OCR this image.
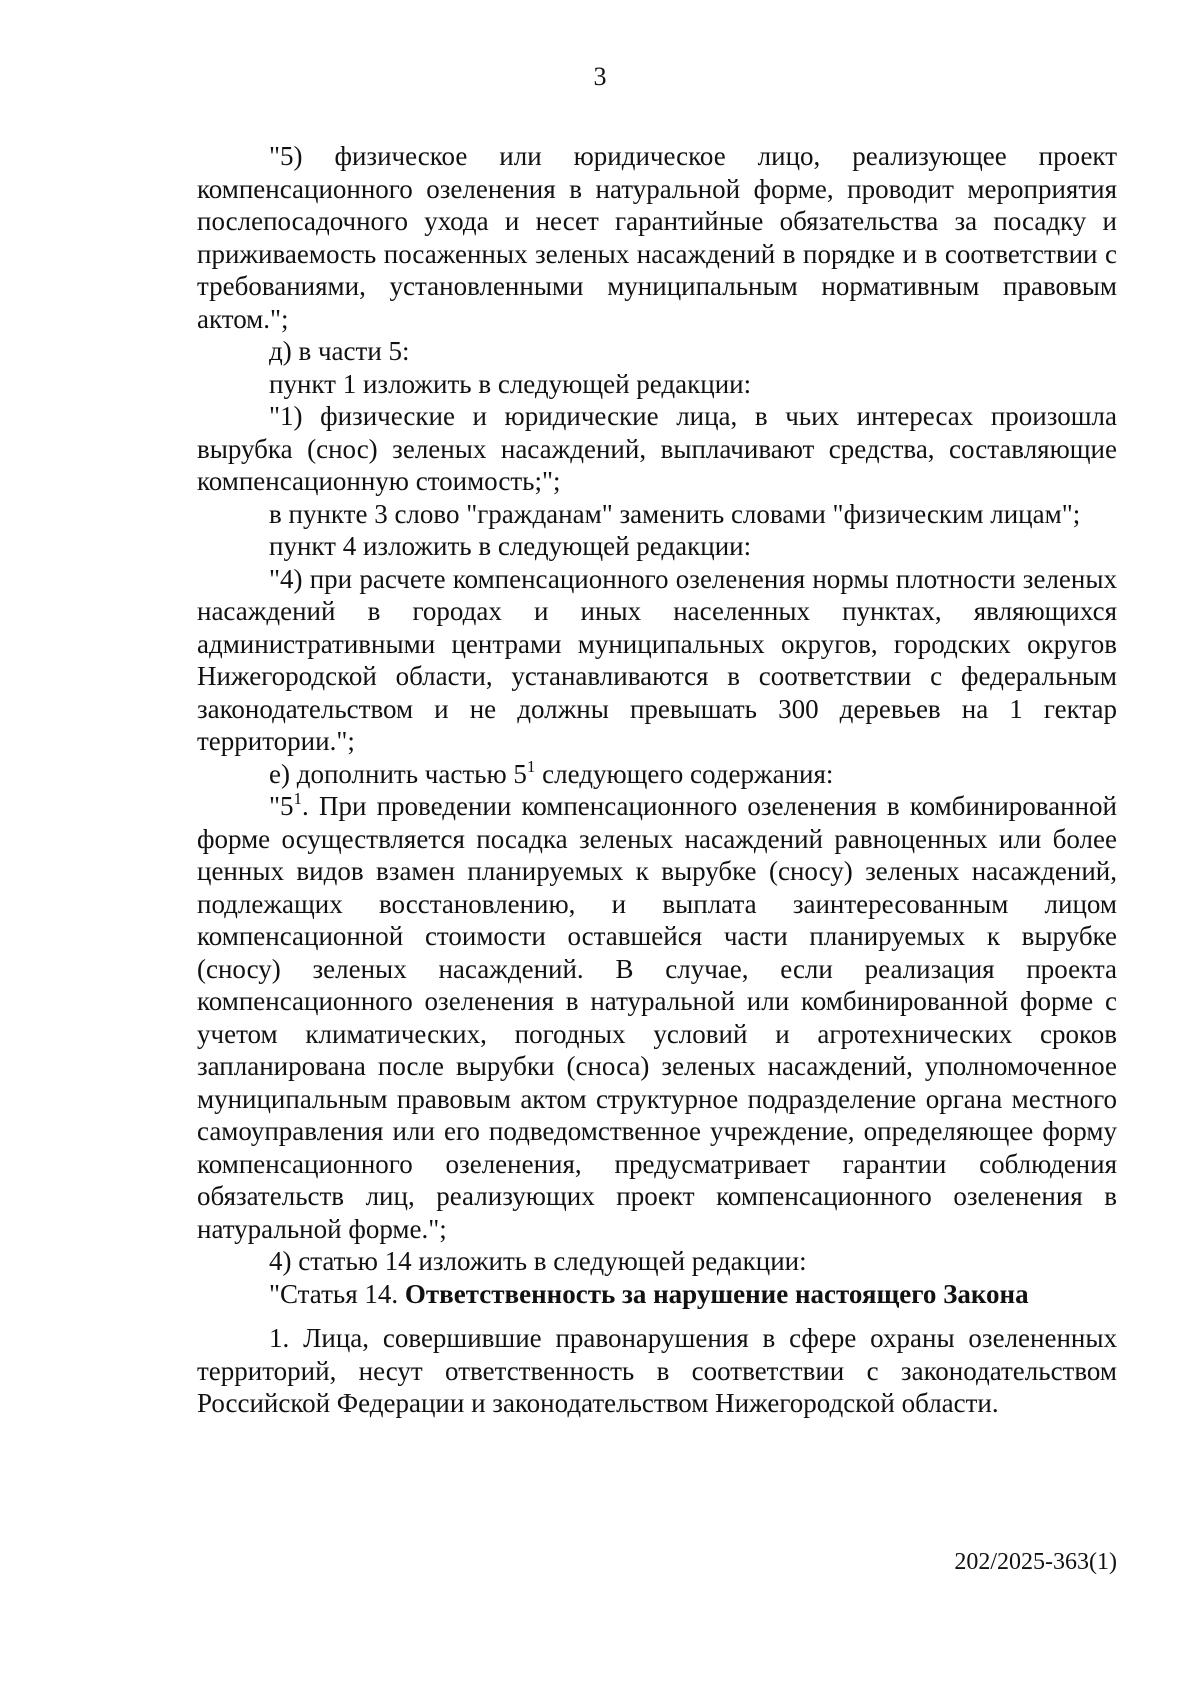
3

"5) физическое или юридическое лицо, реализующее проект компенсационного озеленения в натуральной форме, проводит мероприятия послепосадочного ухода и несет гарантийные обязательства за посадку и приживаемость посаженных зеленых насаждений в порядке и в соответствии с требованиями, установленными муниципальным нормативным правовым актом.";

д) в части 5:

пункт 1 изложить в следующей редакции:

"1) физические и юридические лица, в чьих интересах произошла вырубка (снос) зеленых насаждений, выплачивают средства, составляющие компенсационную стоимость;";

в пункте 3 слово "гражданам" заменить словами "физическим лицам";

пункт 4 изложить в следующей редакции:

"4) при расчете компенсационного озеленения нормы плотности зеленых насаждений в городах и иных населенных пунктах, являющихся административными центрами муниципальных округов, городских округов Нижегородской области, устанавливаются в соответствии с федеральным законодательством и не должны превышать 300 деревьев на 1 гектар территории.";

е) дополнить частью $5^1$ следующего содержания:

"$5^1$. При проведении компенсационного озеленения в комбинированной форме осуществляется посадка зеленых насаждений равноценных или более ценных видов взамен планируемых к вырубке (сносу) зеленых насаждений, подлежащих восстановлению, и выплата заинтересованным лицом компенсационной стоимости оставшейся части планируемых к вырубке (сносу) зеленых насаждений. В случае, если реализация проекта компенсационного озеленения в натуральной или комбинированной форме с учетом климатических, погодных условий и агротехнических сроков запланирована после вырубки (сноса) зеленых насаждений, уполномоченное муниципальным правовым актом структурное подразделение органа местного самоуправления или его подведомственное учреждение, определяющее форму компенсационного озеленения, предусматривает гарантии соблюдения обязательств лиц, реализующих проект компенсационного озеленения в натуральной форме.";

4) статью 14 изложить в следующей редакции:

"Статья 14. Ответственность за нарушение настоящего Закона

1. Лица, совершившие правонарушения в сфере охраны озелененных территорий, несут ответственность в соответствии с законодательством Российской Федерации и законодательством Нижегородской области.

202/2025-363(1)
